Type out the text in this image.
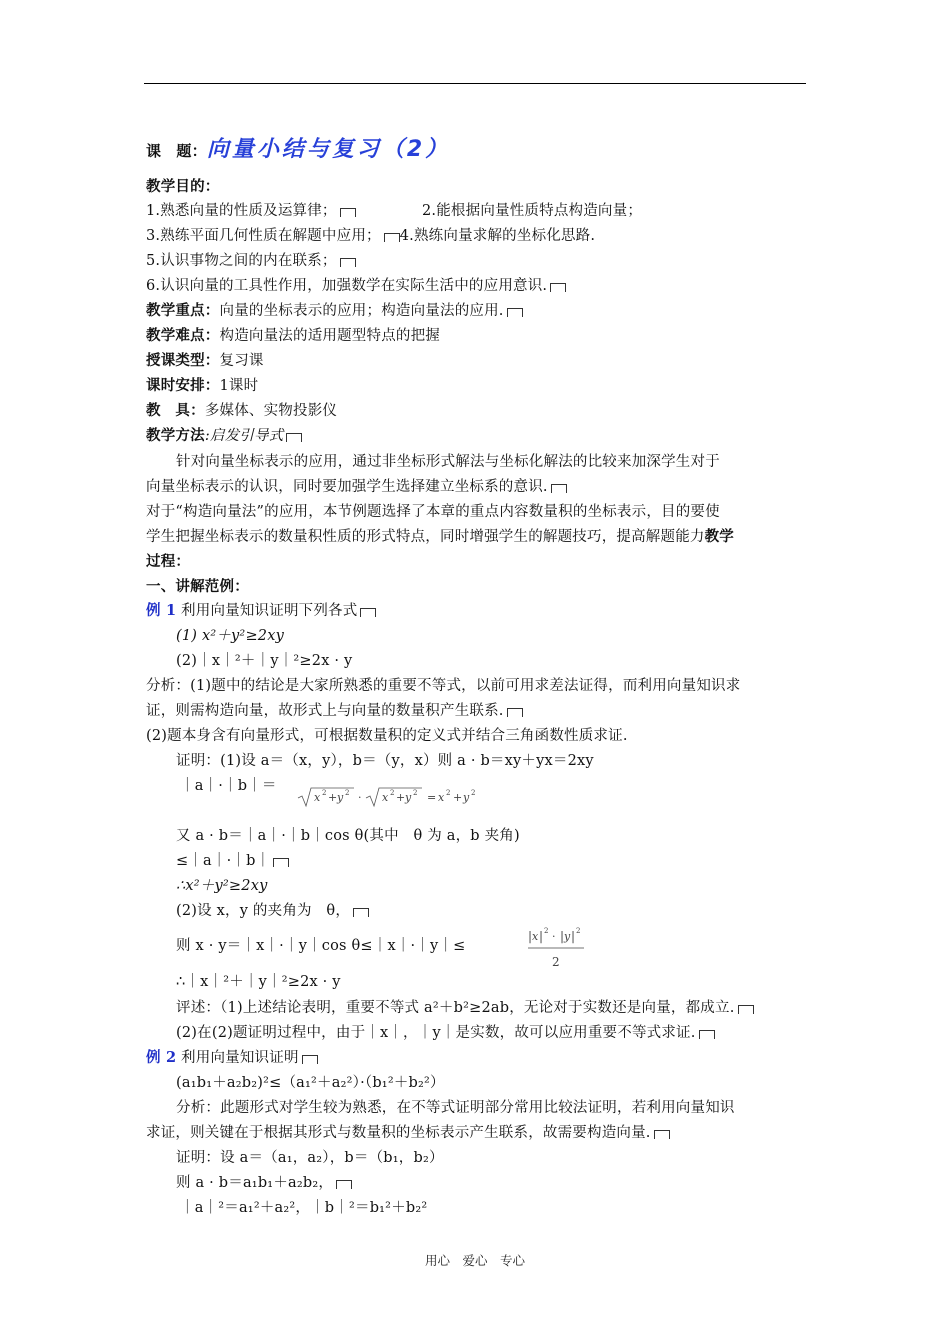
课　题：向量小结与复习（2）
教学目的：
1.熟悉向量的性质及运算律；	2.能根据向量性质特点构造向量；
3.熟练平面几何性质在解题中应用； 4.熟练向量求解的坐标化思路.
5.认识事物之间的内在联系；
6.认识向量的工具性作用，加强数学在实际生活中的应用意识.
教学重点：向量的坐标表示的应用；构造向量法的应用.
教学难点：构造向量法的适用题型特点的把握
授课类型：复习课
课时安排：1课时
教　具：多媒体、实物投影仪
教学方法:启发引导式
针对向量坐标表示的应用，通过非坐标形式解法与坐标化解法的比较来加深学生对于
向量坐标表示的认识，同时要加强学生选择建立坐标系的意识.
对于“构造向量法”的应用，本节例题选择了本章的重点内容数量积的坐标表示，目的要使
学生把握坐标表示的数量积性质的形式特点，同时增强学生的解题技巧，提高解题能力教学
过程：
一、讲解范例：
例 1 利用向量知识证明下列各式
(1) x²＋y²≥2xy
(2)｜x｜²＋｜y｜²≥2x · y
分析：(1)题中的结论是大家所熟悉的重要不等式，以前可用求差法证得，而利用向量知识求
证，则需构造向量，故形式上与向量的数量积产生联系.
(2)题本身含有向量形式，可根据数量积的定义式并结合三角函数性质求证.
证明：(1)设 a＝（x，y），b＝（y，x）则 a · b＝xy＋yx＝2xy
｜a｜·｜b｜＝
x 2 + y 2 · x 2 + y 2 = x 2 + y 2
又 a · b＝｜a｜·｜b｜cos θ(其中　θ 为 a，b 夹角)
≤｜a｜·｜b｜
∴x²＋y²≥2xy
(2)设 x，y 的夹角为　θ，
则 x · y＝｜x｜·｜y｜cos θ≤｜x｜·｜y｜≤
| x | 2 · | y | 2
2
∴｜x｜²＋｜y｜²≥2x · y
评述：（1)上述结论表明，重要不等式 a²＋b²≥2ab，无论对于实数还是向量，都成立.
(2)在(2)题证明过程中，由于｜x｜，｜y｜是实数，故可以应用重要不等式求证.
例 2 利用向量知识证明
(a₁b₁＋a₂b₂)²≤（a₁²＋a₂²）·（b₁²＋b₂²）
分析：此题形式对学生较为熟悉，在不等式证明部分常用比较法证明，若利用向量知识
求证，则关键在于根据其形式与数量积的坐标表示产生联系，故需要构造向量.
证明：设 a＝（a₁，a₂），b＝（b₁，b₂）
则 a · b＝a₁b₁＋a₂b₂，
｜a｜²＝a₁²＋a₂²，｜b｜²＝b₁²＋b₂²
用心　爱心　专心
